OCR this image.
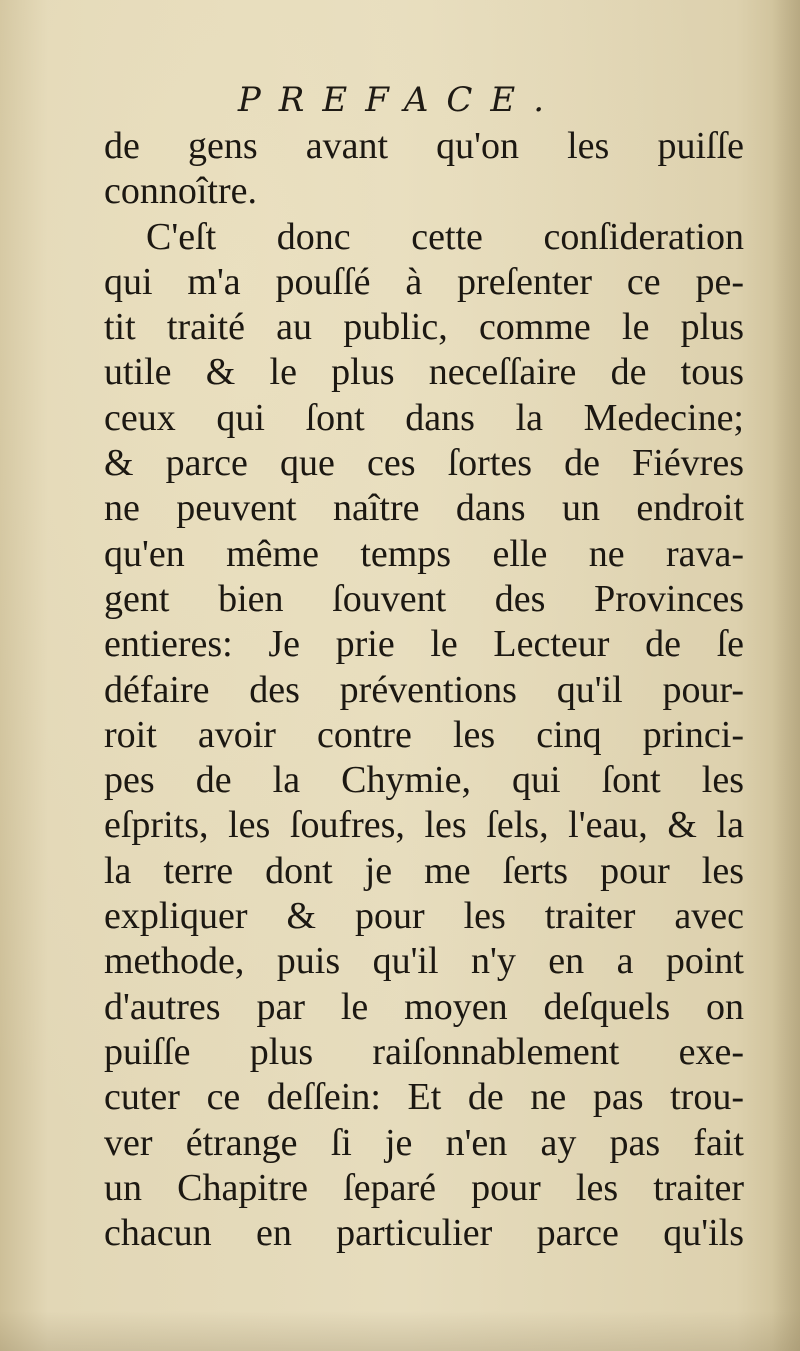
PREFACE.
de gens avant qu'on les puiſſe
connoître.
C'eſt donc cette conſideration
qui m'a pouſſé à preſenter ce pe-
tit traité au public, comme le plus
utile & le plus neceſſaire de tous
ceux qui ſont dans la Medecine;
& parce que ces ſortes de Fiévres
ne peuvent naître dans un endroit
qu'en même temps elle ne rava-
gent bien ſouvent des Provinces
entieres: Je prie le Lecteur de ſe
défaire des préventions qu'il pour-
roit avoir contre les cinq princi-
pes de la Chymie, qui ſont les
eſprits, les ſoufres, les ſels, l'eau, & la
la terre dont je me ſerts pour les
expliquer & pour les traiter avec
methode, puis qu'il n'y en a point
d'autres par le moyen deſquels on
puiſſe plus raiſonnablement exe-
cuter ce deſſein: Et de ne pas trou-
ver étrange ſi je n'en ay pas fait
un Chapitre ſeparé pour les traiter
chacun en particulier parce qu'ils
